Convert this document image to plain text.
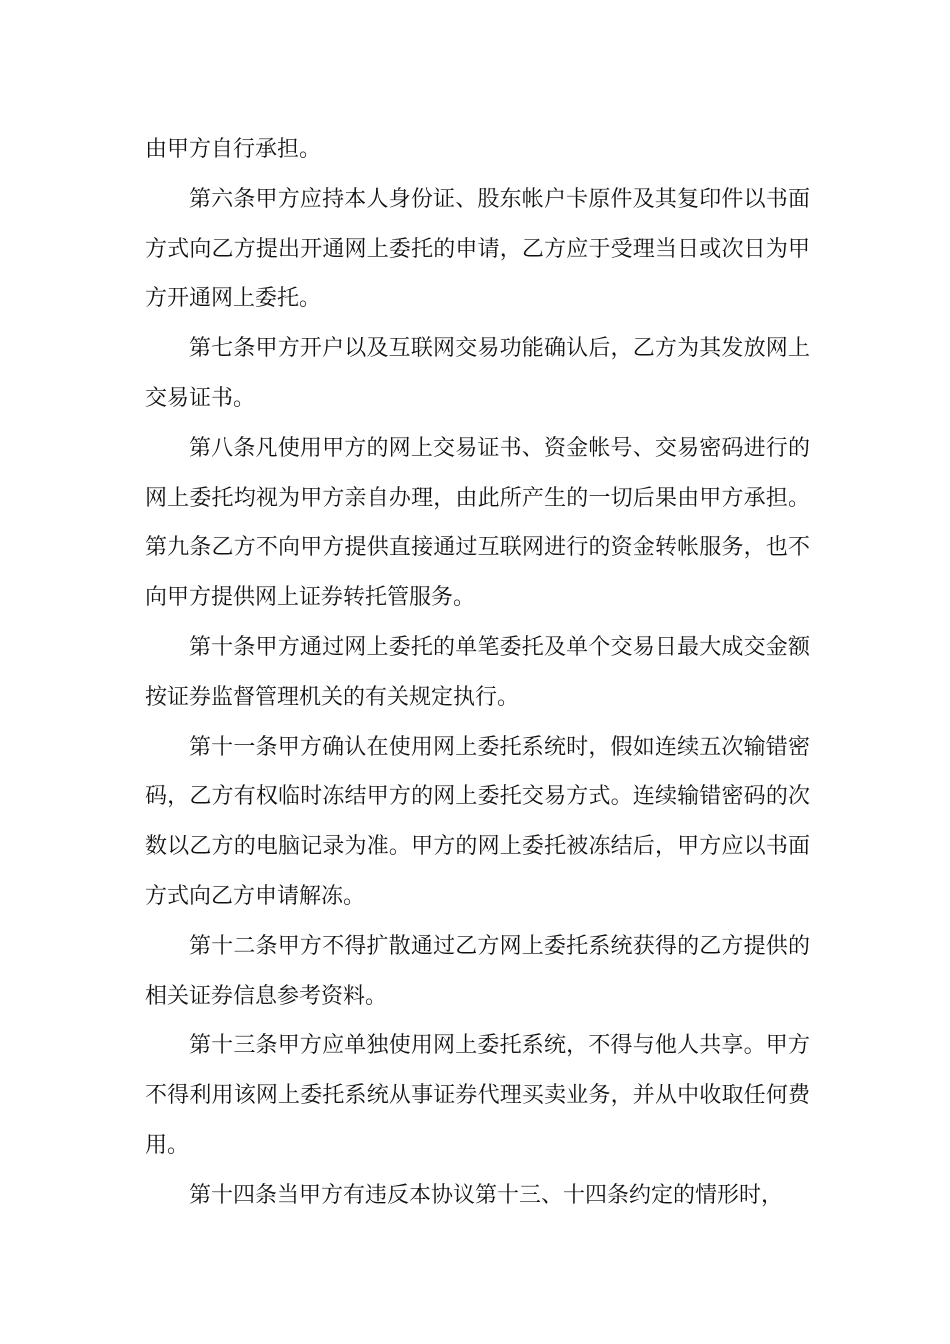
由甲方自行承担。

第六条甲方应持本人身份证、股东帐户卡原件及其复印件以书面方式向乙方提出开通网上委托的申请，乙方应于受理当日或次日为甲方开通网上委托。

第七条甲方开户以及互联网交易功能确认后，乙方为其发放网上交易证书。

第八条凡使用甲方的网上交易证书、资金帐号、交易密码进行的网上委托均视为甲方亲自办理，由此所产生的一切后果由甲方承担。第九条乙方不向甲方提供直接通过互联网进行的资金转帐服务，也不向甲方提供网上证券转托管服务。

第十条甲方通过网上委托的单笔委托及单个交易日最大成交金额按证券监督管理机关的有关规定执行。

第十一条甲方确认在使用网上委托系统时，假如连续五次输错密码，乙方有权临时冻结甲方的网上委托交易方式。连续输错密码的次数以乙方的电脑记录为准。甲方的网上委托被冻结后，甲方应以书面方式向乙方申请解冻。

第十二条甲方不得扩散通过乙方网上委托系统获得的乙方提供的相关证券信息参考资料。

第十三条甲方应单独使用网上委托系统，不得与他人共享。甲方不得利用该网上委托系统从事证券代理买卖业务，并从中收取任何费用。

第十四条当甲方有违反本协议第十三、十四条约定的情形时，
